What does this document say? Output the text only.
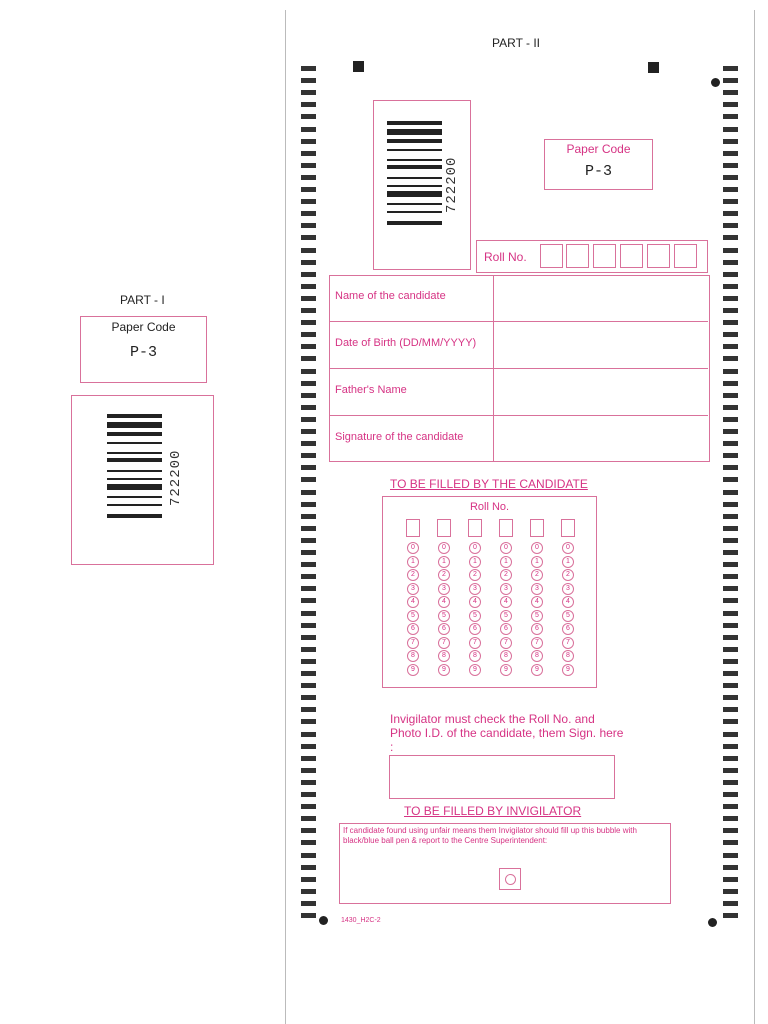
PART - I
Paper Code
P-3
722200
PART - II
722200
Paper Code
P-3
Roll No.
Name of the candidate
Date of Birth (DD/MM/YYYY)
Father's Name
Signature of the candidate
TO BE FILLED BY THE CANDIDATE
Roll No.
0
1
2
3
4
5
6
7
8
9
0
1
2
3
4
5
6
7
8
9
0
1
2
3
4
5
6
7
8
9
0
1
2
3
4
5
6
7
8
9
0
1
2
3
4
5
6
7
8
9
0
1
2
3
4
5
6
7
8
9
Invigilator must check the Roll No. and Photo I.D. of the candidate, them Sign. here :
TO BE FILLED BY INVIGILATOR
If candidate found using unfair means them Invigilator should fill up this bubble with black/blue ball pen & report to the Centre Superintendent:
1430_H2C-2
